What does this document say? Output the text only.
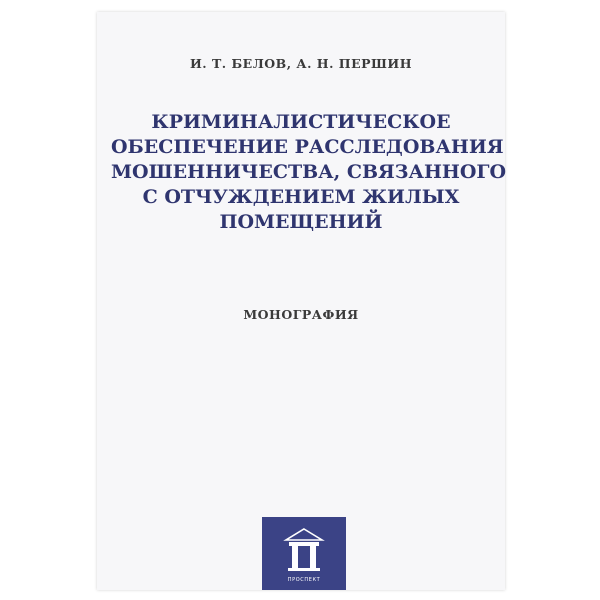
И. Т. БЕЛОВ, А. Н. ПЕРШИН
КРИМИНАЛИСТИЧЕСКОЕ
ОБЕСПЕЧЕНИЕ РАССЛЕДОВАНИЯ
МОШЕННИЧЕСТВА, СВЯЗАННОГО
С ОТЧУЖДЕНИЕМ ЖИЛЫХ
ПОМЕЩЕНИЙ
МОНОГРАФИЯ
ПРОСПЕКТ
